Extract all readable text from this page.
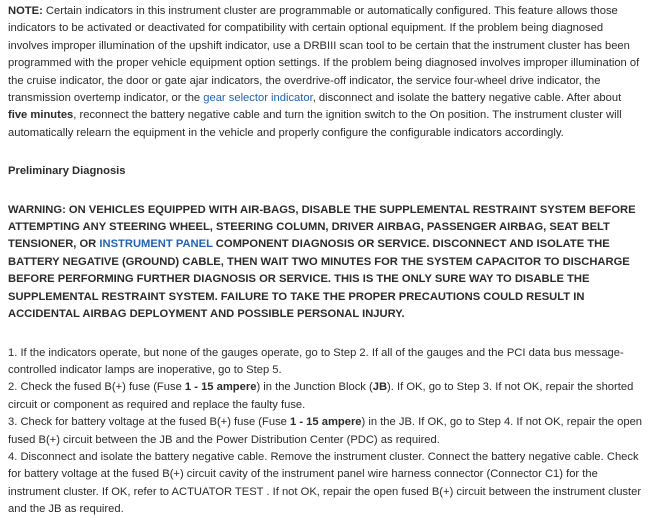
NOTE: Certain indicators in this instrument cluster are programmable or automatically configured. This feature allows those indicators to be activated or deactivated for compatibility with certain optional equipment. If the problem being diagnosed involves improper illumination of the upshift indicator, use a DRBIII scan tool to be certain that the instrument cluster has been programmed with the proper vehicle equipment option settings. If the problem being diagnosed involves improper illumination of the cruise indicator, the door or gate ajar indicators, the overdrive-off indicator, the service four-wheel drive indicator, the transmission overtemp indicator, or the gear selector indicator, disconnect and isolate the battery negative cable. After about five minutes, reconnect the battery negative cable and turn the ignition switch to the On position. The instrument cluster will automatically relearn the equipment in the vehicle and properly configure the configurable indicators accordingly.

Preliminary Diagnosis

WARNING: ON VEHICLES EQUIPPED WITH AIR-BAGS, DISABLE THE SUPPLEMENTAL RESTRAINT SYSTEM BEFORE ATTEMPTING ANY STEERING WHEEL, STEERING COLUMN, DRIVER AIRBAG, PASSENGER AIRBAG, SEAT BELT TENSIONER, OR INSTRUMENT PANEL COMPONENT DIAGNOSIS OR SERVICE. DISCONNECT AND ISOLATE THE BATTERY NEGATIVE (GROUND) CABLE, THEN WAIT TWO MINUTES FOR THE SYSTEM CAPACITOR TO DISCHARGE BEFORE PERFORMING FURTHER DIAGNOSIS OR SERVICE. THIS IS THE ONLY SURE WAY TO DISABLE THE SUPPLEMENTAL RESTRAINT SYSTEM. FAILURE TO TAKE THE PROPER PRECAUTIONS COULD RESULT IN ACCIDENTAL AIRBAG DEPLOYMENT AND POSSIBLE PERSONAL INJURY.

1. If the indicators operate, but none of the gauges operate, go to Step 2. If all of the gauges and the PCI data bus message-controlled indicator lamps are inoperative, go to Step 5.

2. Check the fused B(+) fuse (Fuse 1 - 15 ampere) in the Junction Block (JB). If OK, go to Step 3. If not OK, repair the shorted circuit or component as required and replace the faulty fuse.

3. Check for battery voltage at the fused B(+) fuse (Fuse 1 - 15 ampere) in the JB. If OK, go to Step 4. If not OK, repair the open fused B(+) circuit between the JB and the Power Distribution Center (PDC) as required.

4. Disconnect and isolate the battery negative cable. Remove the instrument cluster. Connect the battery negative cable. Check for battery voltage at the fused B(+) circuit cavity of the instrument panel wire harness connector (Connector C1) for the instrument cluster. If OK, refer to ACTUATOR TEST . If not OK, repair the open fused B(+) circuit between the instrument cluster and the JB as required.
